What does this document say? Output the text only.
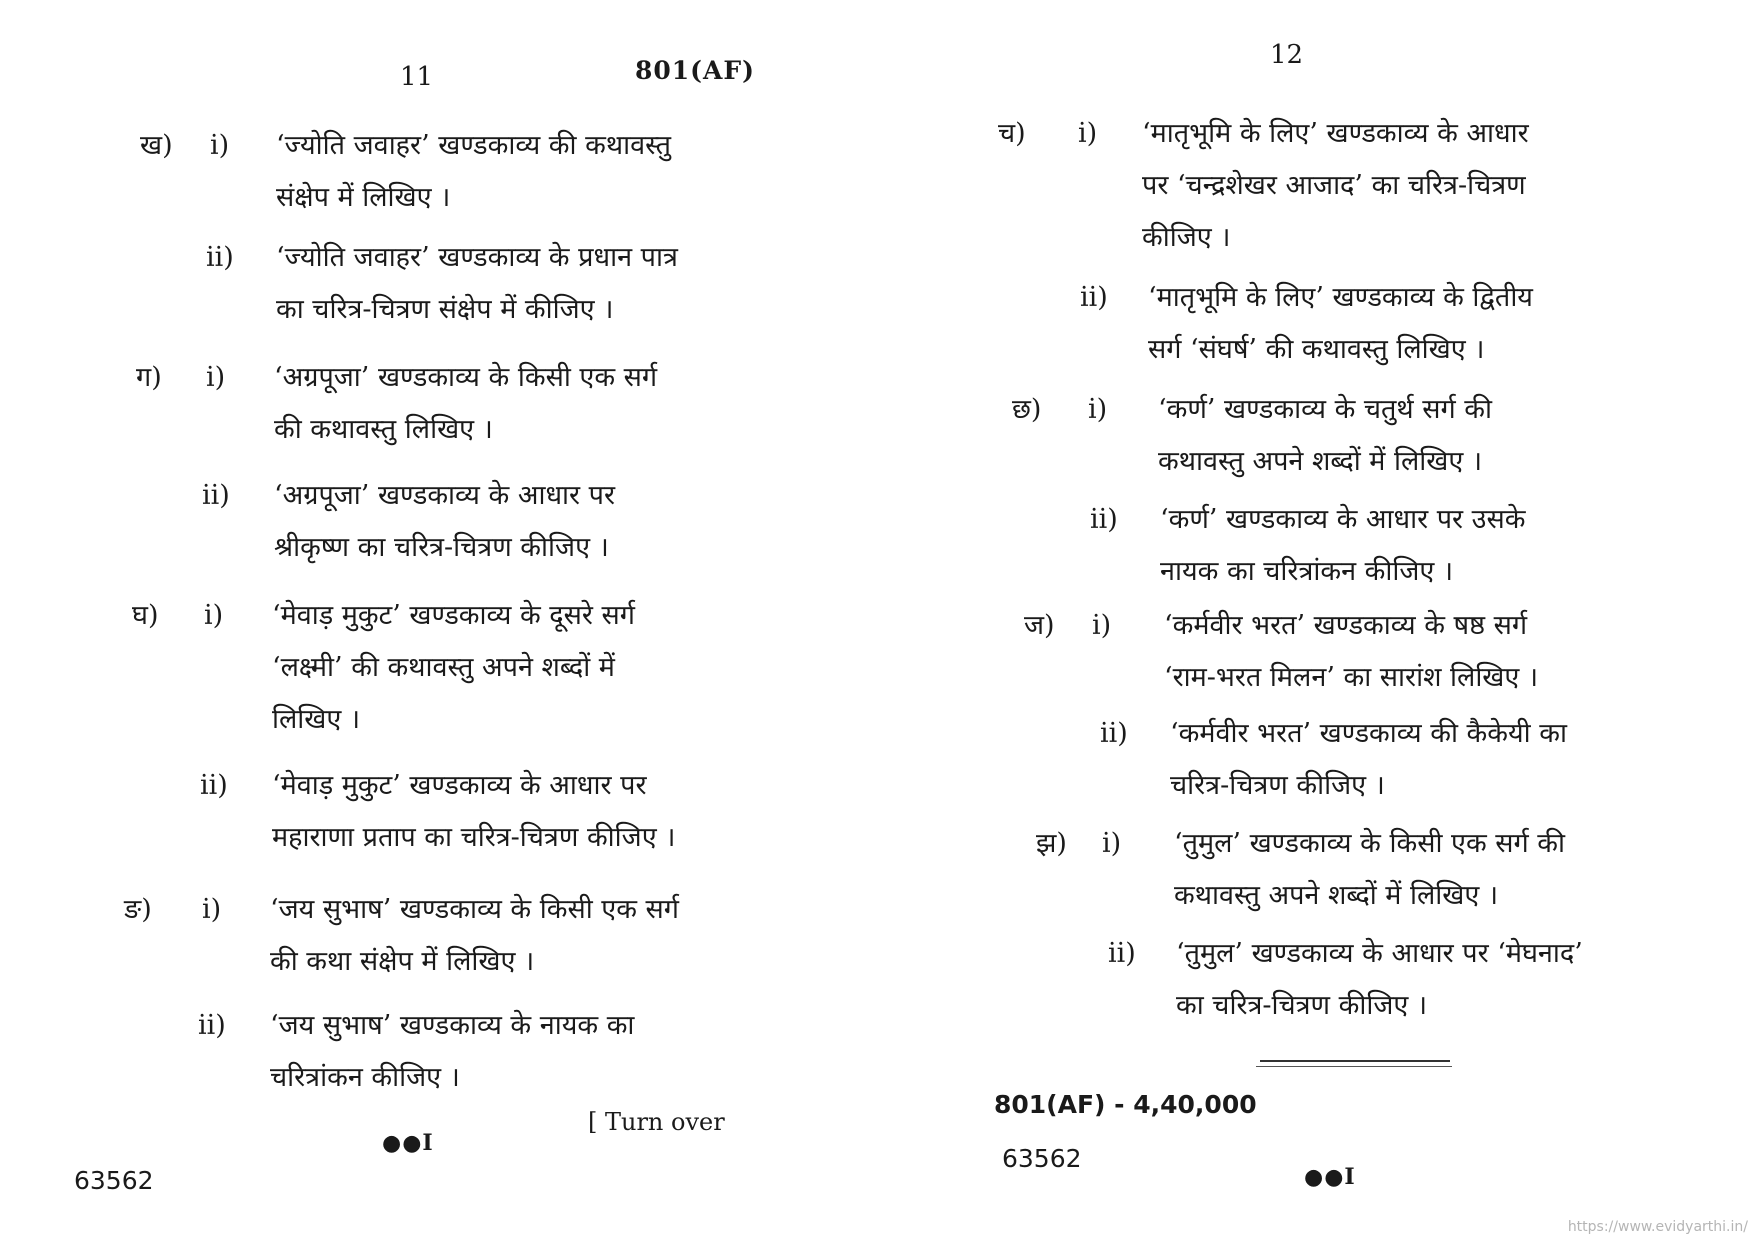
11	801(AF)
ख)	i)	‘ज्योति जवाहर’ खण्डकाव्य की कथावस्तु
संक्षेप में लिखिए ।
ii)	‘ज्योति जवाहर’ खण्डकाव्य के प्रधान पात्र
का चरित्र-चित्रण संक्षेप में कीजिए ।
ग)	i)	‘अग्रपूजा’ खण्डकाव्य के किसी एक सर्ग
की कथावस्तु लिखिए ।
ii)	‘अग्रपूजा’ खण्डकाव्य के आधार पर
श्रीकृष्ण का चरित्र-चित्रण कीजिए ।
घ)	i)	‘मेवाड़ मुकुट’ खण्डकाव्य के दूसरे सर्ग
‘लक्ष्मी’ की कथावस्तु अपने शब्दों में
लिखिए ।
ii)	‘मेवाड़ मुकुट’ खण्डकाव्य के आधार पर
महाराणा प्रताप का चरित्र-चित्रण कीजिए ।
ङ)	i)	‘जय सुभाष’ खण्डकाव्य के किसी एक सर्ग
की कथा संक्षेप में लिखिए ।
ii)	‘जय सुभाष’ खण्डकाव्य के नायक का
चरित्रांकन कीजिए ।
●●I
[ Turn over
63562
12
च)	i)	‘मातृभूमि के लिए’ खण्डकाव्य के आधार
पर ‘चन्द्रशेखर आजाद’ का चरित्र-चित्रण
कीजिए ।
ii)	‘मातृभूमि के लिए’ खण्डकाव्य के द्वितीय
सर्ग ‘संघर्ष’ की कथावस्तु लिखिए ।
छ)	i)	‘कर्ण’ खण्डकाव्य के चतुर्थ सर्ग की
कथावस्तु अपने शब्दों में लिखिए ।
ii)	‘कर्ण’ खण्डकाव्य के आधार पर उसके
नायक का चरित्रांकन कीजिए ।
ज)	i)	‘कर्मवीर भरत’ खण्डकाव्य के षष्ठ सर्ग
‘राम-भरत मिलन’ का सारांश लिखिए ।
ii)	‘कर्मवीर भरत’ खण्डकाव्य की कैकेयी का
चरित्र-चित्रण कीजिए ।
झ)	i)	‘तुमुल’ खण्डकाव्य के किसी एक सर्ग की
कथावस्तु अपने शब्दों में लिखिए ।
ii)	‘तुमुल’ खण्डकाव्य के आधार पर ‘मेघनाद’
का चरित्र-चित्रण कीजिए ।
801(AF) - 4,40,000
63562
●●I
https://www.evidyarthi.in/
